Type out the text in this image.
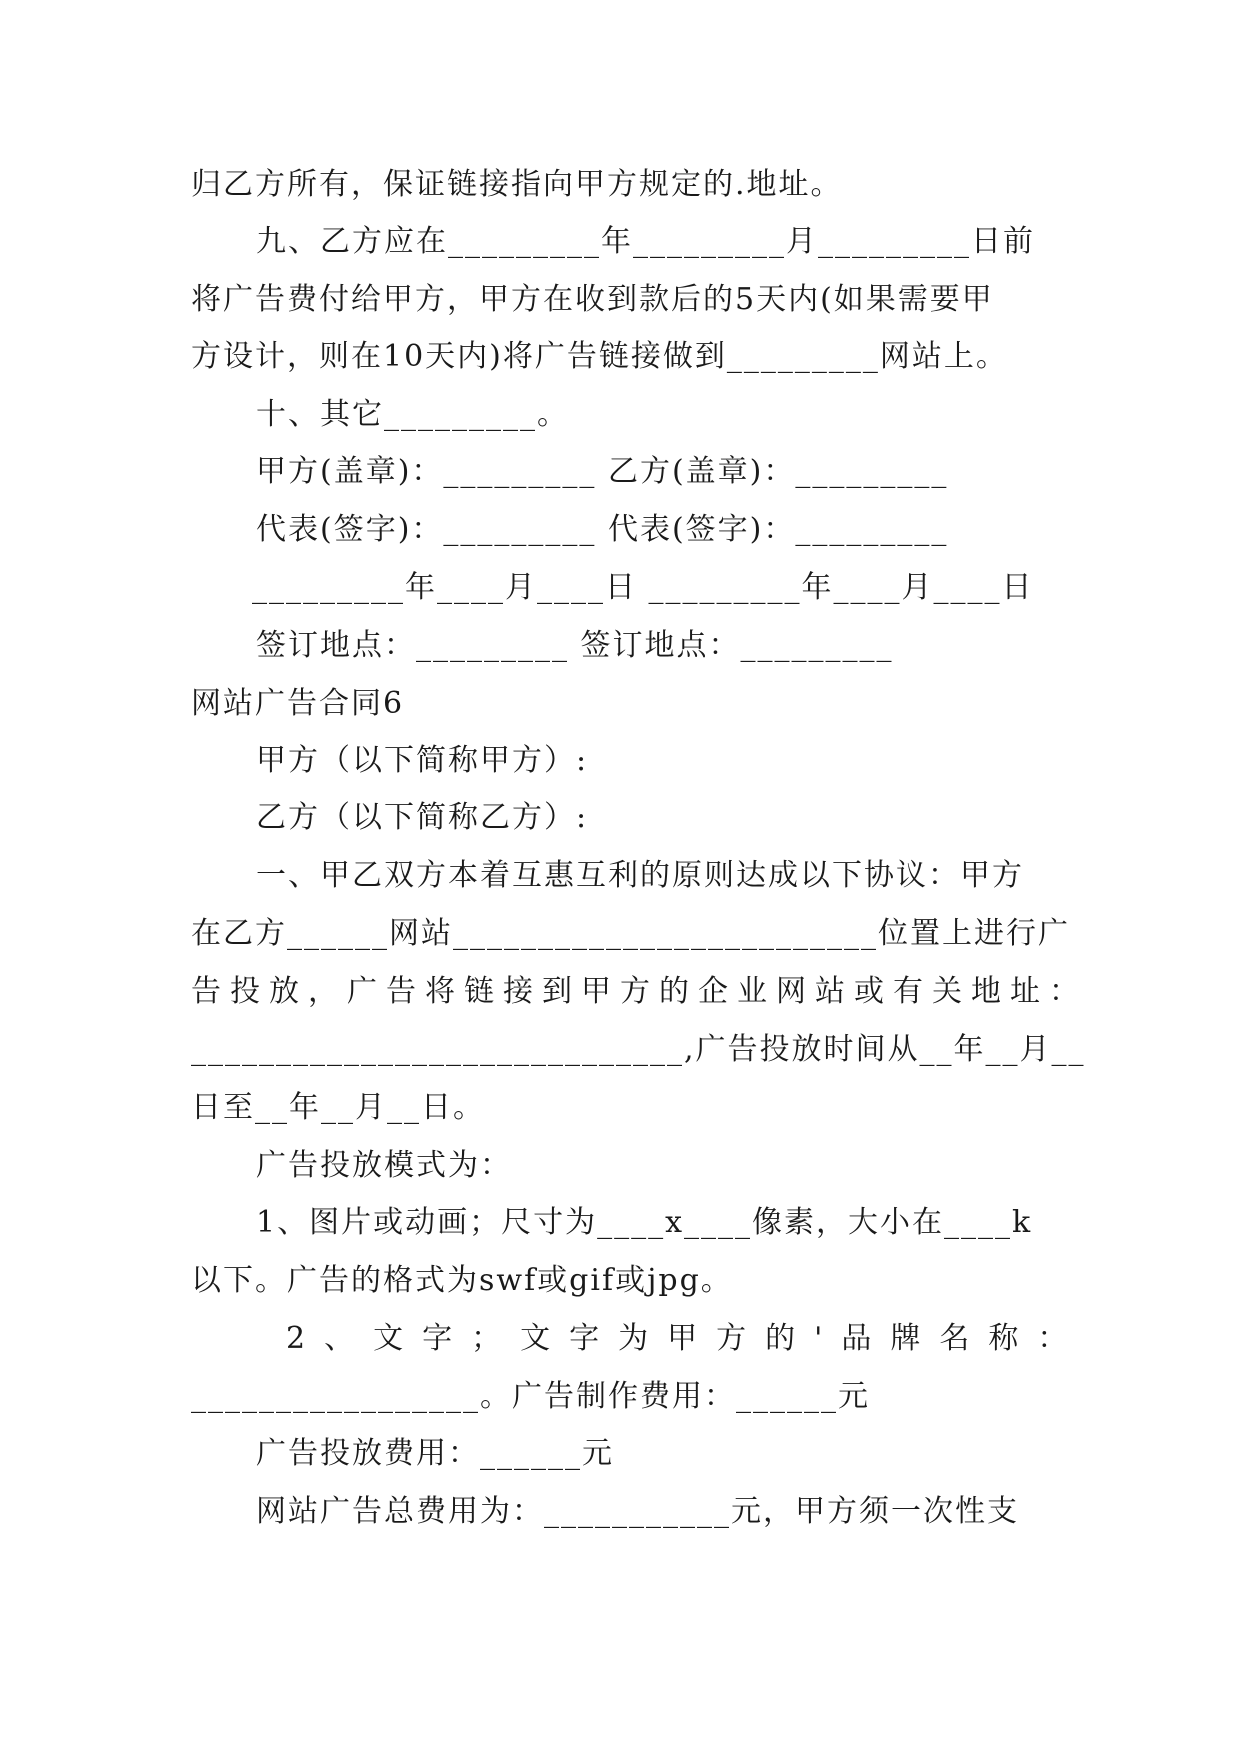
归乙方所有，保证链接指向甲方规定的.地址。
九、乙方应在_________年_________月_________日前
将广告费付给甲方，甲方在收到款后的5天内(如果需要甲
方设计，则在10天内)将广告链接做到_________网站上。
十、其它_________。
甲方(盖章)：_________ 乙方(盖章)：_________
代表(签字)：_________ 代表(签字)：_________
_________年____月____日 _________年____月____日
签订地点：_________ 签订地点：_________
网站广告合同6
甲方（以下简称甲方）:
乙方（以下简称乙方）:
一、甲乙双方本着互惠互利的原则达成以下协议：甲方
在乙方______网站_________________________位置上进行广
告投放，广告将链接到甲方的企业网站或有关地址：
_____________________________,广告投放时间从__年__月__
日至__年__月__日。
广告投放模式为：
1、图片或动画；尺寸为____x____像素，大小在____k
以下。广告的格式为swf或gif或jpg。
2、文字；文字为甲方的'品牌名称：
_________________。广告制作费用：______元
广告投放费用：______元
网站广告总费用为：___________元，甲方须一次性支
